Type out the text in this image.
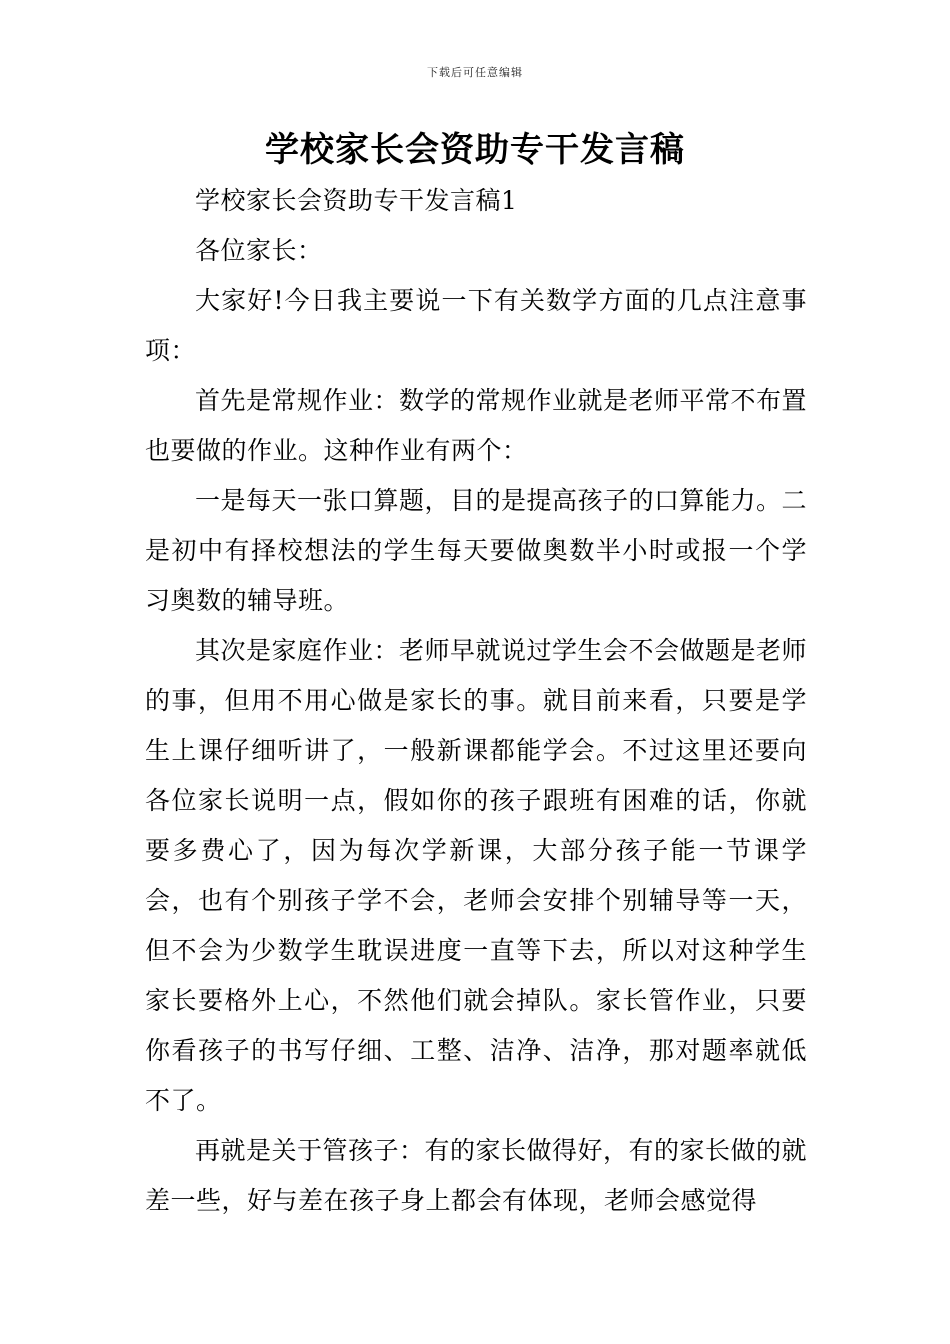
下载后可任意编辑
学校家长会资助专干发言稿

学校家长会资助专干发言稿1

各位家长：

大家好!今日我主要说一下有关数学方面的几点注意事项：

首先是常规作业：数学的常规作业就是老师平常不布置也要做的作业。这种作业有两个：

一是每天一张口算题，目的是提高孩子的口算能力。二是初中有择校想法的学生每天要做奥数半小时或报一个学习奥数的辅导班。

其次是家庭作业：老师早就说过学生会不会做题是老师的事，但用不用心做是家长的事。就目前来看，只要是学生上课仔细听讲了，一般新课都能学会。不过这里还要向各位家长说明一点，假如你的孩子跟班有困难的话，你就要多费心了，因为每次学新课，大部分孩子能一节课学会，也有个别孩子学不会，老师会安排个别辅导等一天，但不会为少数学生耽误进度一直等下去，所以对这种学生家长要格外上心，不然他们就会掉队。家长管作业，只要你看孩子的书写仔细、工整、洁净、洁净，那对题率就低不了。

再就是关于管孩子：有的家长做得好，有的家长做的就差一些，好与差在孩子身上都会有体现，老师会感觉得
